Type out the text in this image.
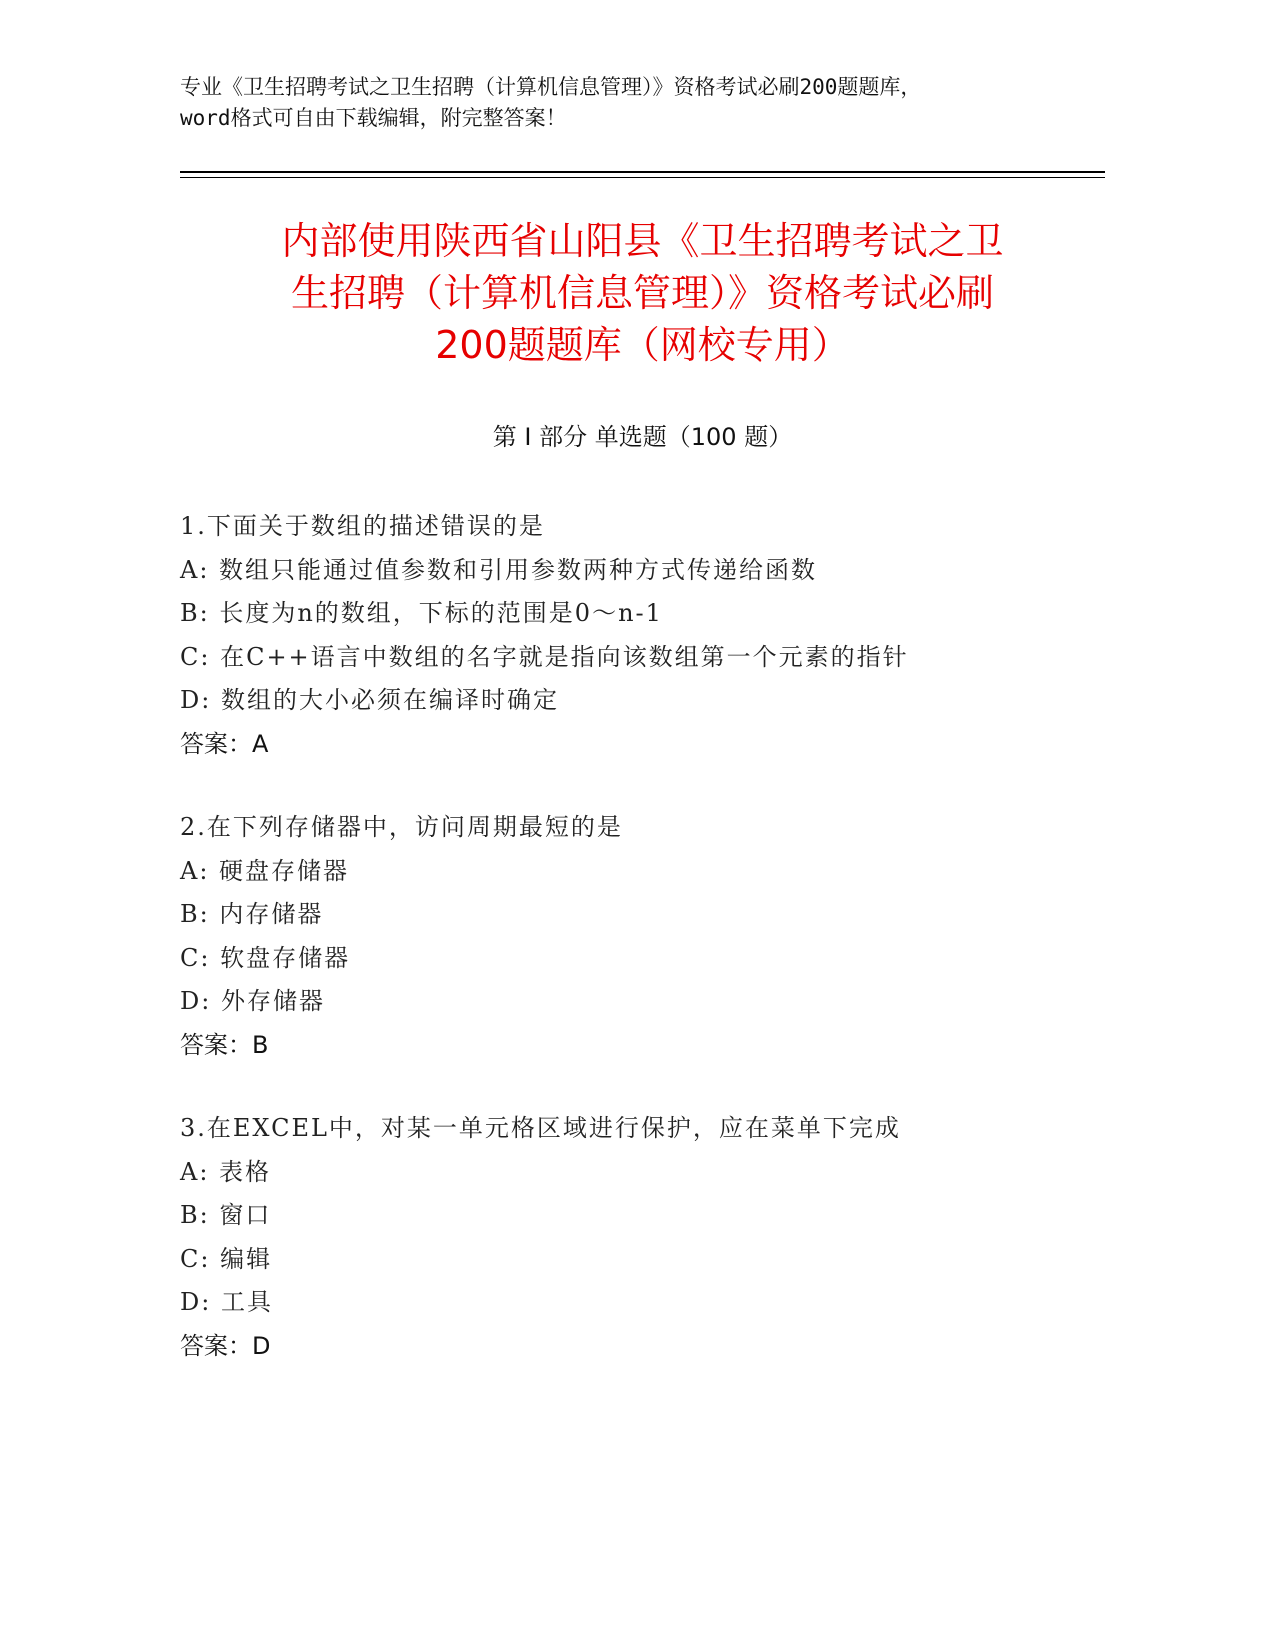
专业《卫生招聘考试之卫生招聘（计算机信息管理）》资格考试必刷200题题库，
word格式可自由下载编辑，附完整答案！
内部使用陕西省山阳县《卫生招聘考试之卫
生招聘（计算机信息管理）》资格考试必刷
200题题库（网校专用）
第 I 部分 单选题（100 题）
1.下面关于数组的描述错误的是
A: 数组只能通过值参数和引用参数两种方式传递给函数
B: 长度为n的数组，下标的范围是0～n-1
C: 在C++语言中数组的名字就是指向该数组第一个元素的指针
D: 数组的大小必须在编译时确定
答案：A
2.在下列存储器中，访问周期最短的是
A: 硬盘存储器
B: 内存储器
C: 软盘存储器
D: 外存储器
答案：B
3.在EXCEL中，对某一单元格区域进行保护，应在菜单下完成
A: 表格
B: 窗口
C: 编辑
D: 工具
答案：D
